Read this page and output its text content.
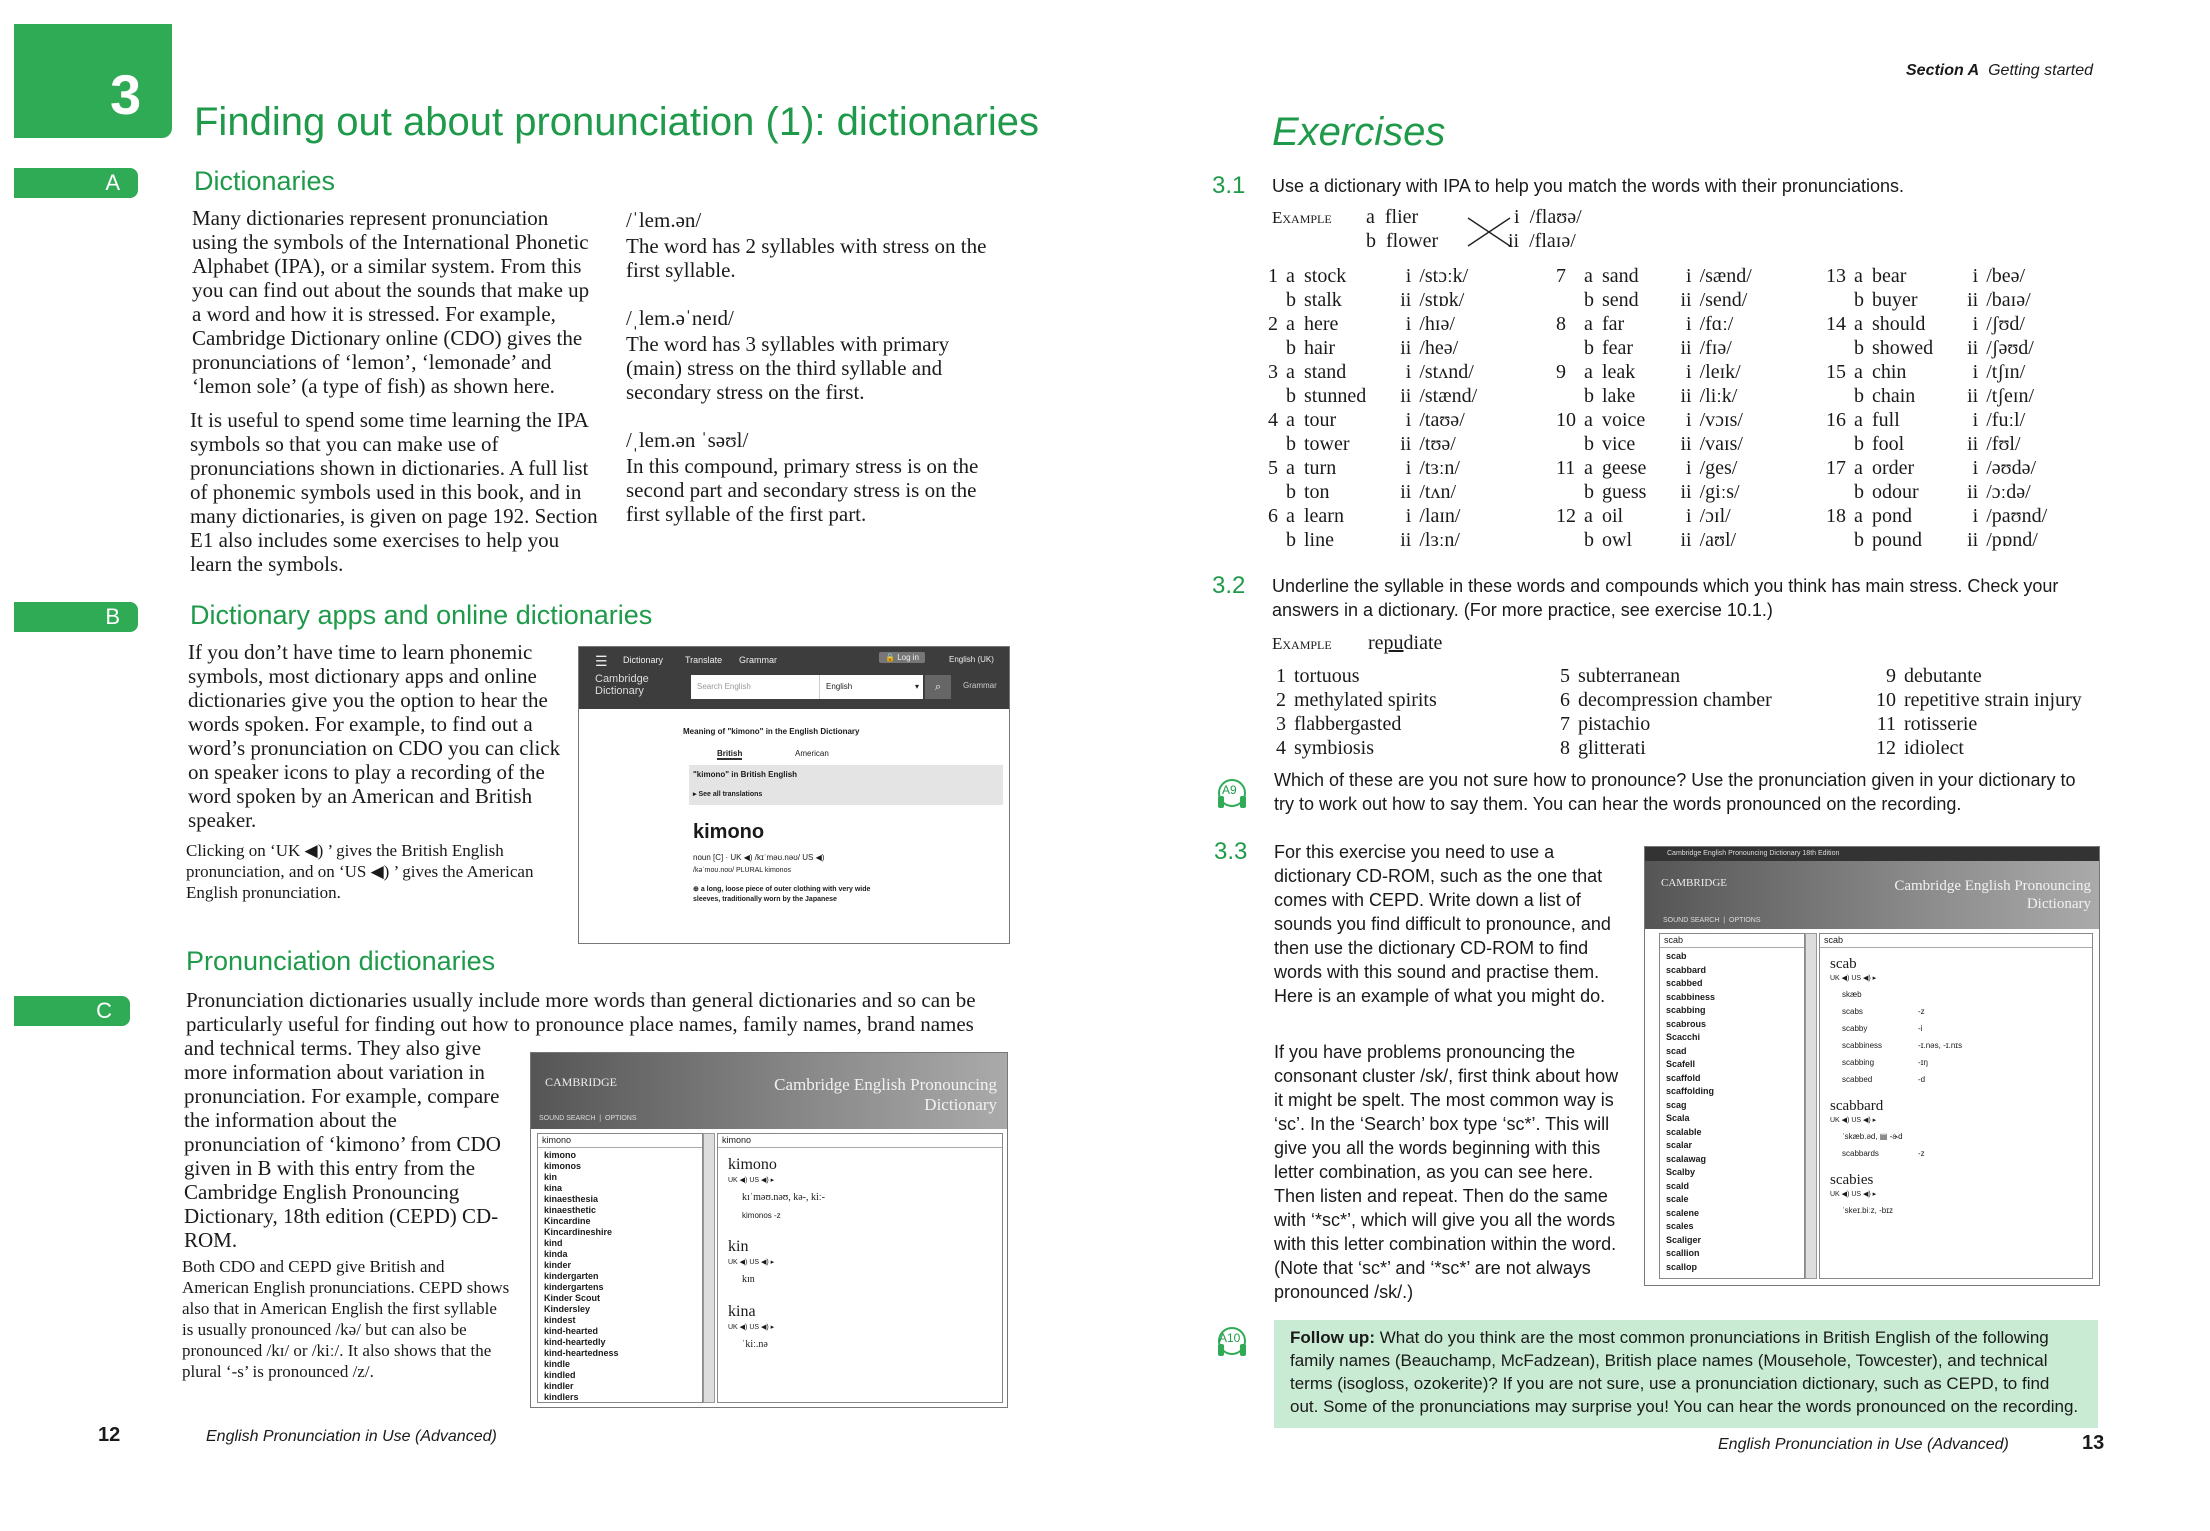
3 Finding out about pronunciation (1): dictionaries
A
B
C
Dictionaries
Many dictionaries represent pronunciation using the symbols of the International Phonetic Alphabet (IPA), or a similar system. From this you can find out about the sounds that make up a word and how it is stressed. For example, Cambridge Dictionary online (CDO) gives the pronunciations of ‘lemon’, ‘lemonade’ and ‘lemon sole’ (a type of fish) as shown here.
It is useful to spend some time learning the IPA symbols so that you can make use of pronunciations shown in dictionaries. A full list of phonemic symbols used in this book, and in many dictionaries, is given on page 192. Section E1 also includes some exercises to help you learn the symbols.
/ˈlem.ən/
The word has 2 syllables with stress on the first syllable.
/ˌlem.əˈneɪd/
The word has 3 syllables with primary (main) stress on the third syllable and secondary stress on the first.
/ˌlem.ən ˈsəʊl/
In this compound, primary stress is on the second part and secondary stress is on the first syllable of the first part.
Dictionary apps and online dictionaries
If you don’t have time to learn phonemic symbols, most dictionary apps and online dictionaries give you the option to hear the words spoken. For example, to find out a word’s pronunciation on CDO you can click on speaker icons to play a recording of the word spoken by an American and British speaker.
Clicking on ‘UK ◀) ’ gives the British English pronunciation, and on ‘US ◀) ’ gives the American English pronunciation.
☰ Dictionary Translate Grammar	🔒 Log in	English (UK)
Cambridge Dictionary	Search English	English	▾	⌕	Grammar
Meaning of "kimono" in the English Dictionary
British	American
"kimono" in British English
▸ See all translations
kimono
noun [C] · UK ◀) /kɪˈməʊ.nəʊ/ US ◀)
/kəˈmoʊ.noʊ/ PLURAL kimonos
⊕ a long, loose piece of outer clothing with very wide sleeves, traditionally worn by the Japanese
Pronunciation dictionaries
Pronunciation dictionaries usually include more words than general dictionaries and so can be particularly useful for finding out how to pronounce place names, family names, brand names
and technical terms. They also give more information about variation in pronunciation. For example, compare the information about the pronunciation of ‘kimono’ from CDO given in B with this entry from the Cambridge English Pronouncing Dictionary, 18th edition (CEPD) CD-ROM.
Both CDO and CEPD give British and American English pronunciations. CEPD shows also that in American English the first syllable is usually pronounced /kə/ but can also be pronounced /kɪ/ or /kiː/. It also shows that the plural ‘-s’ is pronounced /z/.
CAMBRIDGE	Cambridge English Pronouncing Dictionary
SOUND SEARCH  |  OPTIONS
kimono
kimono
kimonos
kin
kina
kinaesthesia
kinaesthetic
Kincardine
Kincardineshire
kind
kinda
kinder
kindergarten
kindergartens
Kinder Scout
Kindersley
kindest
kind-hearted
kind-heartedly
kind-heartedness
kindle
kindled
kindler
kindlers
kimono
kimono
UK ◀) US ◀) ▸
kɪˈməʊ.nəʊ, kə-, kiː-
kimonos -z
kin
UK ◀) US ◀) ▸
kɪn
kina
UK ◀) US ◀) ▸
ˈkiː.nə
12	English Pronunciation in Use (Advanced)
Section A Getting started
Exercises
3.1 Use a dictionary with IPA to help you match the words with their pronunciations.
Example a flier
b flower
i /flaʊə/
ii /flaɪə/
1	a	stock	i	/stɔːk/
	b	stalk	ii	/stɒk/
2	a	here	i	/hɪə/
	b	hair	ii	/heə/
3	a	stand	i	/stʌnd/
	b	stunned	ii	/stænd/
4	a	tour	i	/taʊə/
	b	tower	ii	/tʊə/
5	a	turn	i	/tɜːn/
	b	ton	ii	/tʌn/
6	a	learn	i	/laɪn/
	b	line	ii	/lɜːn/
7	a	sand	i	/sænd/
	b	send	ii	/send/
8	a	far	i	/fɑː/
	b	fear	ii	/fɪə/
9	a	leak	i	/leɪk/
	b	lake	ii	/liːk/
10	a	voice	i	/vɔɪs/
	b	vice	ii	/vaɪs/
11	a	geese	i	/ges/
	b	guess	ii	/giːs/
12	a	oil	i	/ɔɪl/
	b	owl	ii	/aʊl/
13	a	bear	i	/beə/
	b	buyer	ii	/baɪə/
14	a	should	i	/ʃʊd/
	b	showed	ii	/ʃəʊd/
15	a	chin	i	/tʃɪn/
	b	chain	ii	/tʃeɪn/
16	a	full	i	/fuːl/
	b	fool	ii	/fʊl/
17	a	order	i	/əʊdə/
	b	odour	ii	/ɔːdə/
18	a	pond	i	/paʊnd/
	b	pound	ii	/pɒnd/
3.2 Underline the syllable in these words and compounds which you think has main stress. Check your answers in a dictionary. (For more practice, see exercise 10.1.)
Example repudiate
1	tortuous
2	methylated spirits
3	flabbergasted
4	symbiosis
5	subterranean
6	decompression chamber
7	pistachio
8	glitterati
9	debutante
10	repetitive strain injury
11	rotisserie
12	idiolect
A9 Which of these are you not sure how to pronounce? Use the pronunciation given in your dictionary to try to work out how to say them. You can hear the words pronounced on the recording.
3.3 For this exercise you need to use a dictionary CD-ROM, such as the one that comes with CEPD. Write down a list of sounds you find difficult to pronounce, and then use the dictionary CD-ROM to find words with this sound and practise them. Here is an example of what you might do.
If you have problems pronouncing the consonant cluster /sk/, first think about how it might be spelt. The most common way is ‘sc’. In the ‘Search’ box type ‘sc*’. This will give you all the words beginning with this letter combination, as you can see here. Then listen and repeat. Then do the same with ‘*sc*’, which will give you all the words with this letter combination within the word. (Note that ‘sc*’ and ‘*sc*’ are not always pronounced /sk/.)
Cambridge English Pronouncing Dictionary 18th Edition
CAMBRIDGE	Cambridge English Pronouncing Dictionary
SOUND SEARCH  |  OPTIONS
scab
scab
scabbard
scabbed
scabbiness
scabbing
scabrous
Scacchi
scad
Scafell
scaffold
scaffolding
scag
Scala
scalable
scalar
scalawag
Scalby
scald
scale
scalene
scales
Scaliger
scallion
scallop
scab
scab
UK ◀) US ◀) ▸
skæb
scabs	-z
scabby	-i
scabbiness	-ɪ.nəs, -ɪ.nɪs
scabbing	-ɪŋ
scabbed	-d
scabbard
UK ◀) US ◀) ▸
ˈskæb.əd, ▤ -ɚd
scabbards	-z
scabies
UK ◀) US ◀) ▸
ˈskeɪ.biːz, -bɪz
A10	Follow up: What do you think are the most common pronunciations in British English of the following family names (Beauchamp, McFadzean), British place names (Mousehole, Towcester), and technical terms (isogloss, ozokerite)? If you are not sure, use a pronunciation dictionary, such as CEPD, to find out. Some of the pronunciations may surprise you! You can hear the words pronounced on the recording.
English Pronunciation in Use (Advanced)	13
